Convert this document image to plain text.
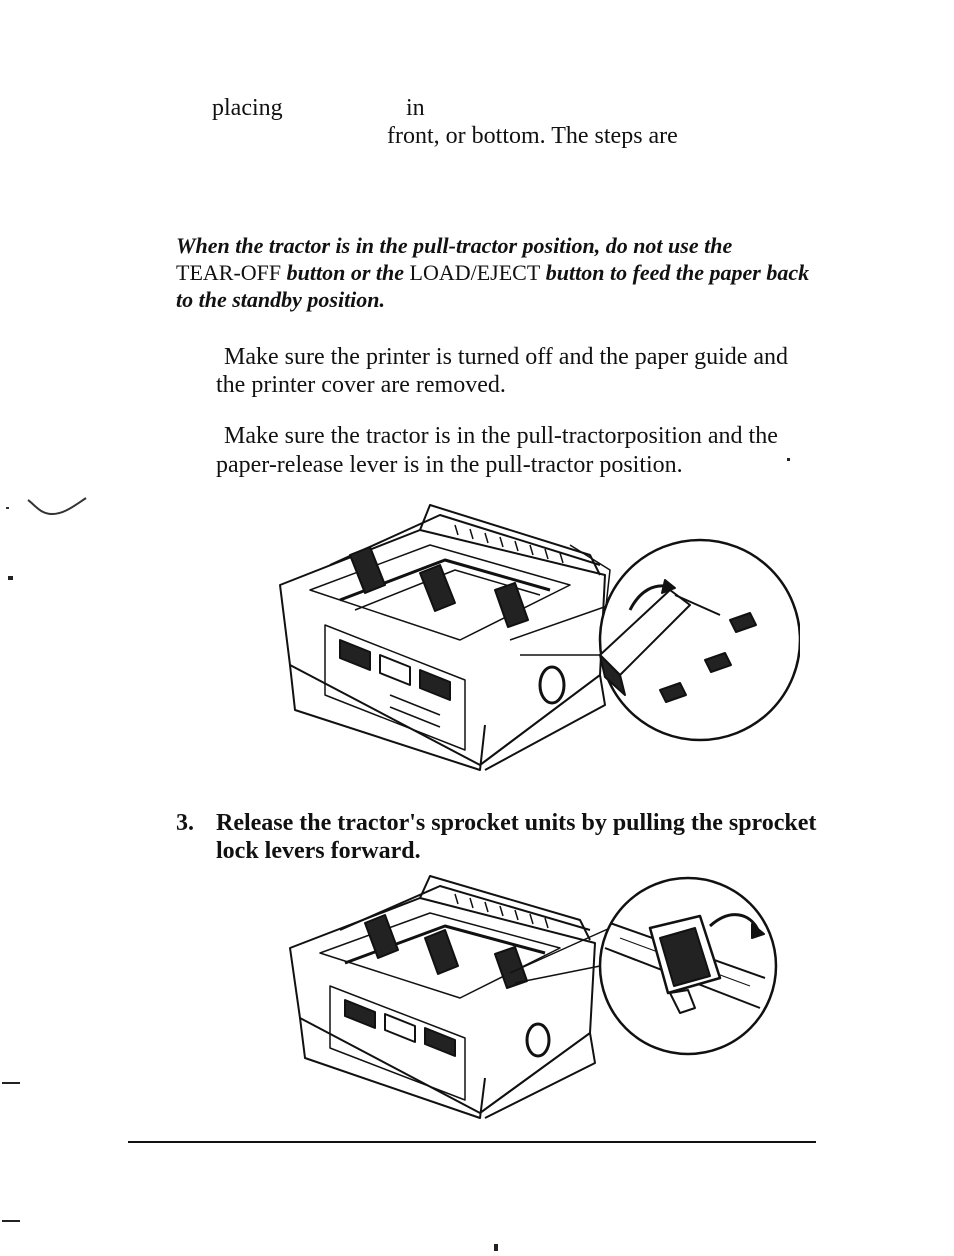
placing	in
front, or bottom. The steps are
When the tractor is in the pull-tractor position, do not use the
TEAR-OFF button or the LOAD/EJECT button to feed the paper back
to the standby position.
Make sure the printer is turned off and the paper guide and
the printer cover are removed.
Make sure the tractor is in the pull-tractorposition and the
paper-release lever is in the pull-tractor position.
3. Release the tractor's sprocket units by pulling the sprocket
lock levers forward.
